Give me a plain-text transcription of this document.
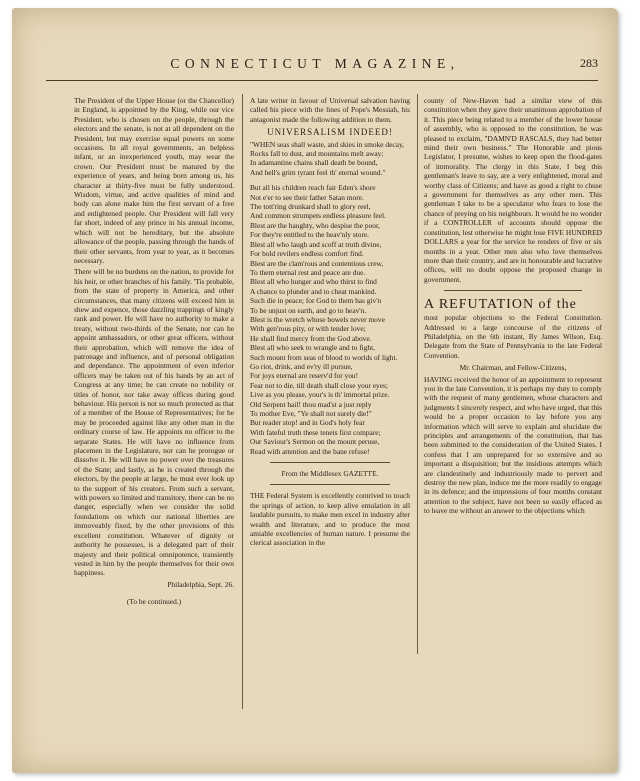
CONNECTICUT MAGAZINE,	283

The President of the Upper House (or the Chancellor) in England, is appointed by the King, while our vice President, who is chosen on the people, through the electors and the senate, is not at all dependent on the President, but may exercise equal powers on some occasions. In all royal governments, an helpless infant, or an inexperienced youth, may wear the crown. Our President must be matured by the experience of years, and being born among us, his character at thirty-five must be fully understood. Wisdom, virtue, and active qualities of mind and body can alone make him the first servant of a free and enlightened people. Our President will fall very far short, indeed of any prince in his annual income, which will not be hereditary, but the absolute allowance of the people, passing through the hands of their other servants, from year to year, as it becomes necessary.

There will be no burdens on the nation, to provide for his heir, or other branches of his family. 'Tis probable, from the state of property in America, and other circumstances, that many citizens will exceed him in shew and expence, those dazzling trappings of kingly rank and power. He will have no authority to make a treaty, without two-thirds of the Senate, nor can he appoint ambassadors, or other great officers, without their approbation, which will remove the idea of patronage and influence, and of personal obligation and dependance. The appointment of even inferior officers may be taken out of his hands by an act of Congress at any time; he can create no nobility or titles of honor, nor take away offices during good behaviour. His person is not so much protected as that of a member of the House of Representatives; for he may be proceeded against like any other man in the ordinary course of law. He appoints no officer to the separate States. He will have no influence from placemen in the Legislature, nor can he prorogue or dissolve it. He will have no power over the treasures of the State; and lastly, as he is created through the electors, by the people at large, he must ever look up to the support of his creators. From such a servant, with powers so limited and transitory, there can be no danger, especially when we consider the solid foundations on which our national liberties are immoveably fixed, by the other provisions of this excellent constitution. Whatever of dignity or authority he possesses, is a delegated part of their majesty and their political omnipotence, transiently vested in him by the people themselves for their own happiness.

Philadelphia, Sept. 26.

(To be continued.)

A late writer in favour of Universal salvation having called his piece with the lines of Pope's Messiah, his antagonist made the following addition to them.

UNIVERSALISM INDEED!

"WHEN seas shall waste, and skies in smoke decay,

Rocks fall to dust, and mountains melt away;

In adamantine chains shall death be bound,

And hell's grim tyrant feel th' eternal wound."

But all his children reach fair Eden's shore

Not e'er to see their father Satan more.

The tott'ring drunkard shall to glory reel,

And common strumpets endless pleasure feel.

Blest are the haughty, who despise the poor,

For they're entitled to the heav'nly store.

Blest all who laugh and scoff at truth divine,

For bold revilers endless comfort find.

Blest are the clam'rous and contentious crew,

To them eternal rest and peace are due.

Blest all who hunger and who thirst to find

A chance to plunder and to cheat mankind.

Such die in peace; for God to them has giv'n

To be unjust on earth, and go to heav'n.

Blest is the wretch whose bowels never move

With gen'rous pity, or with tender love;

He shall find mercy from the God above.

Blest all who seek to wrangle and to fight,

Such mount from seas of blood to worlds of light.

Go riot, drink, and ev'ry ill pursue,

For joys eternal are reserv'd for you!

Fear not to die, till death shall close your eyes;

Live as you please, your's is th' immortal prize.

Old Serpent hail! thou mad'st a just reply

To mother Eve, "Ye shall not surely die!"

But reader stop! and in God's holy fear

With fateful truth these tenets first compare;

Our Saviour's Sermon on the mount peruse,

Read with attention and the bane refuse!

From the Middlesex GAZETTE.

THE Federal System is excellently contrived to touch the springs of action, to keep alive emulation in all laudable pursuits, to make men excel in industry after wealth and literature, and to produce the most amiable excellencies of human nature. I presume the clerical association in the

county of New-Haven had a similar view of this constitution when they gave their unanimous approbation of it. This piece being related to a member of the lower house of assembly, who is opposed to the constitution, he was pleased to exclaim, "DAMN'D RASCALS, they had better mind their own business." The Honorable and pious Legislator, I presume, wishes to keep open the flood-gates of immorality. The clergy in this State, I beg this gentleman's leave to say, are a very enlightened, moral and worthy class of Citizens; and have as good a right to chuse a government for themselves as any other men. This gentleman I take to be a speculator who fears to lose the chance of preying on his neighbours. It would be no wonder if a CONTROLLER of accounts should oppose the constitution, lest otherwise he might lose FIVE HUNDRED DOLLARS a year for the service he renders of five or six months in a year. Other men also who love themselves more than their country, and are in honourable and lucrative offices, will no doubt oppose the proposed change in government.

A REFUTATION of the

most popular objections to the Federal Constitution. Addressed to a large concourse of the citizens of Philadelphia, on the 6th instant, By James Wilson, Esq. Delegate from the State of Pennsylvania to the late Federal Convention.

Mr. Chairman, and Fellow-Citizens,

HAVING received the honor of an appointment to represent you in the late Convention, it is perhaps my duty to comply with the request of many gentlemen, whose characters and judgments I sincerely respect, and who have urged, that this would be a proper occasion to lay before you any information which will serve to explain and elucidate the principles and arrangements of the constitution, that has been submitted to the consideration of the United States. I confess that I am unprepared for so extensive and so important a disquisition; but the insidious attempts which are clandestinely and industriously made to pervert and destroy the new plan, induce me the more readily to engage in its defence; and the impressions of four months constant attention to the subject, have not been so easily effaced as to leave me without an answer to the objections which
